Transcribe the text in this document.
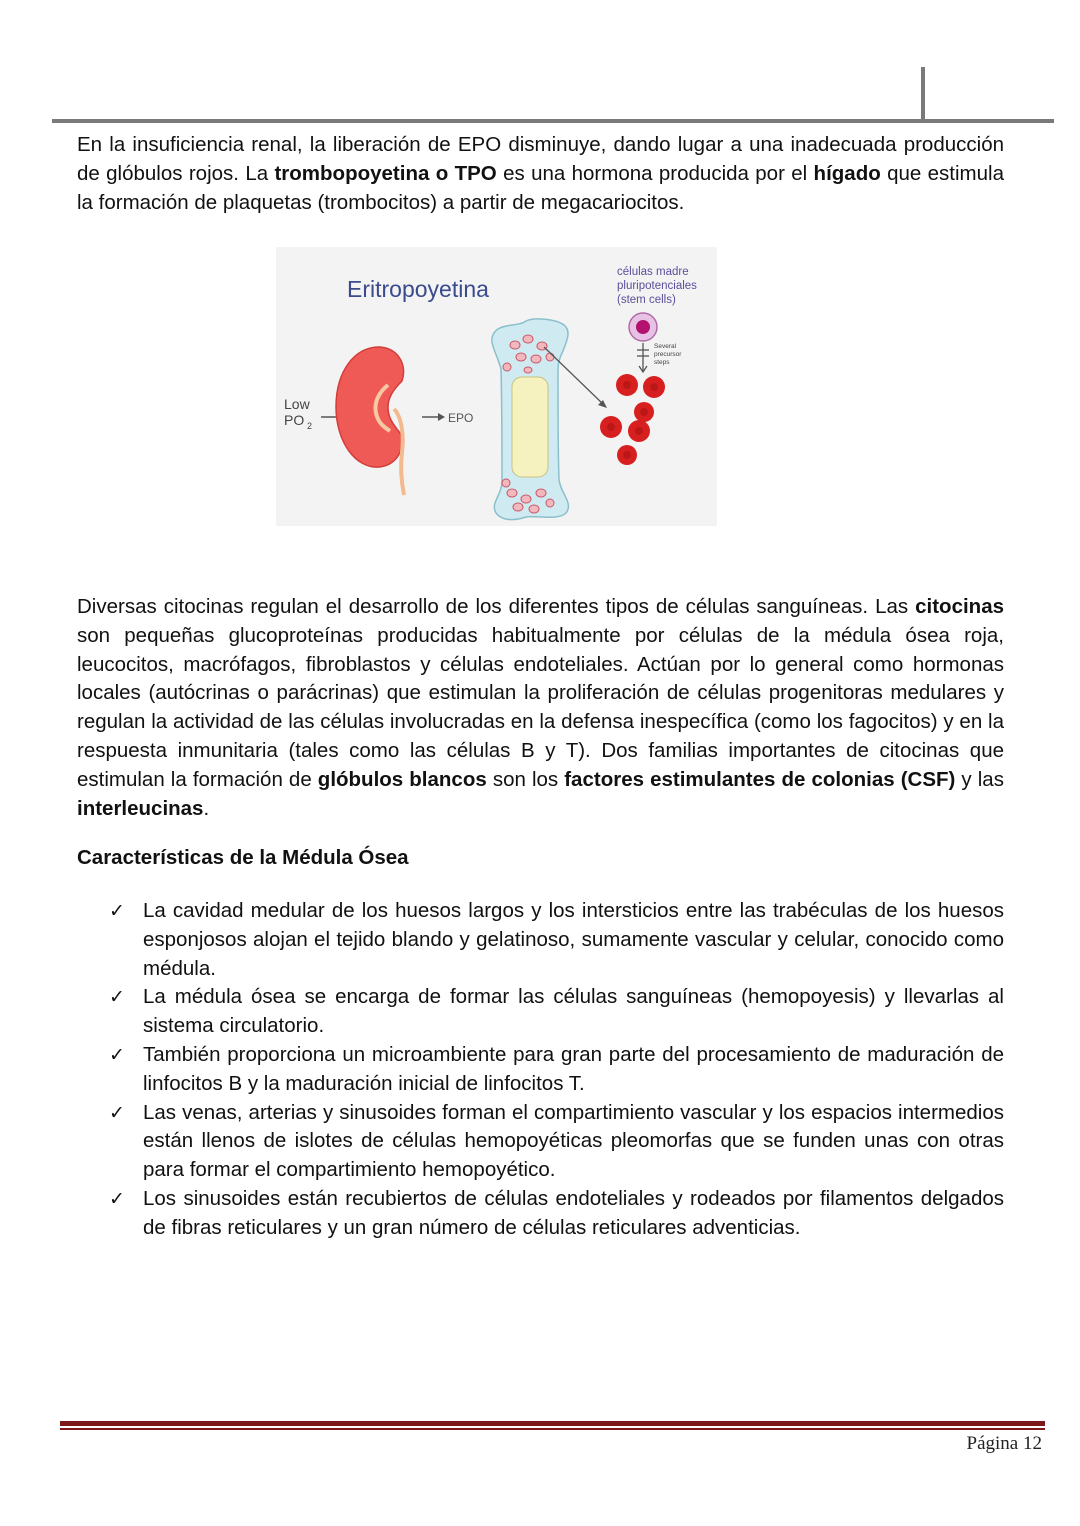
En la insuficiencia renal, la liberación de EPO disminuye, dando lugar a una inadecuada producción de glóbulos rojos. La trombopoyetina o TPO es una hormona producida por el hígado que estimula la formación de plaquetas (trombocitos) a partir de megacariocitos.

Eritropoyetina
células madre
pluripotenciales
(stem cells)
Several
precursor
steps
Low
PO 2
EPO

Diversas citocinas regulan el desarrollo de los diferentes tipos de células sanguíneas. Las citocinas son pequeñas glucoproteínas producidas habitualmente por células de la médula ósea roja, leucocitos, macrófagos, fibroblastos y células endoteliales. Actúan por lo general como hormonas locales (autócrinas o parácrinas) que estimulan la proliferación de células progenitoras medulares y regulan la actividad de las células involucradas en la defensa inespecífica (como los fagocitos) y en la respuesta inmunitaria (tales como las células B y T). Dos familias importantes de citocinas que estimulan la formación de glóbulos blancos son los factores estimulantes de colonias (CSF) y las interleucinas.

Características de la Médula Ósea
✓ La cavidad medular de los huesos largos y los intersticios entre las trabéculas de los huesos esponjosos alojan el tejido blando y gelatinoso, sumamente vascular y celular, conocido como médula.
✓ La médula ósea se encarga de formar las células sanguíneas (hemopoyesis) y llevarlas al sistema circulatorio.
✓ También proporciona un microambiente para gran parte del procesamiento de maduración de linfocitos B y la maduración inicial de linfocitos T.
✓ Las venas, arterias y sinusoides forman el compartimiento vascular y los espacios intermedios están llenos de islotes de células hemopoyéticas pleomorfas que se funden unas con otras para formar el compartimiento hemopoyético.
✓ Los sinusoides están recubiertos de células endoteliales y rodeados por filamentos delgados de fibras reticulares y un gran número de células reticulares adventicias.
Página 12
